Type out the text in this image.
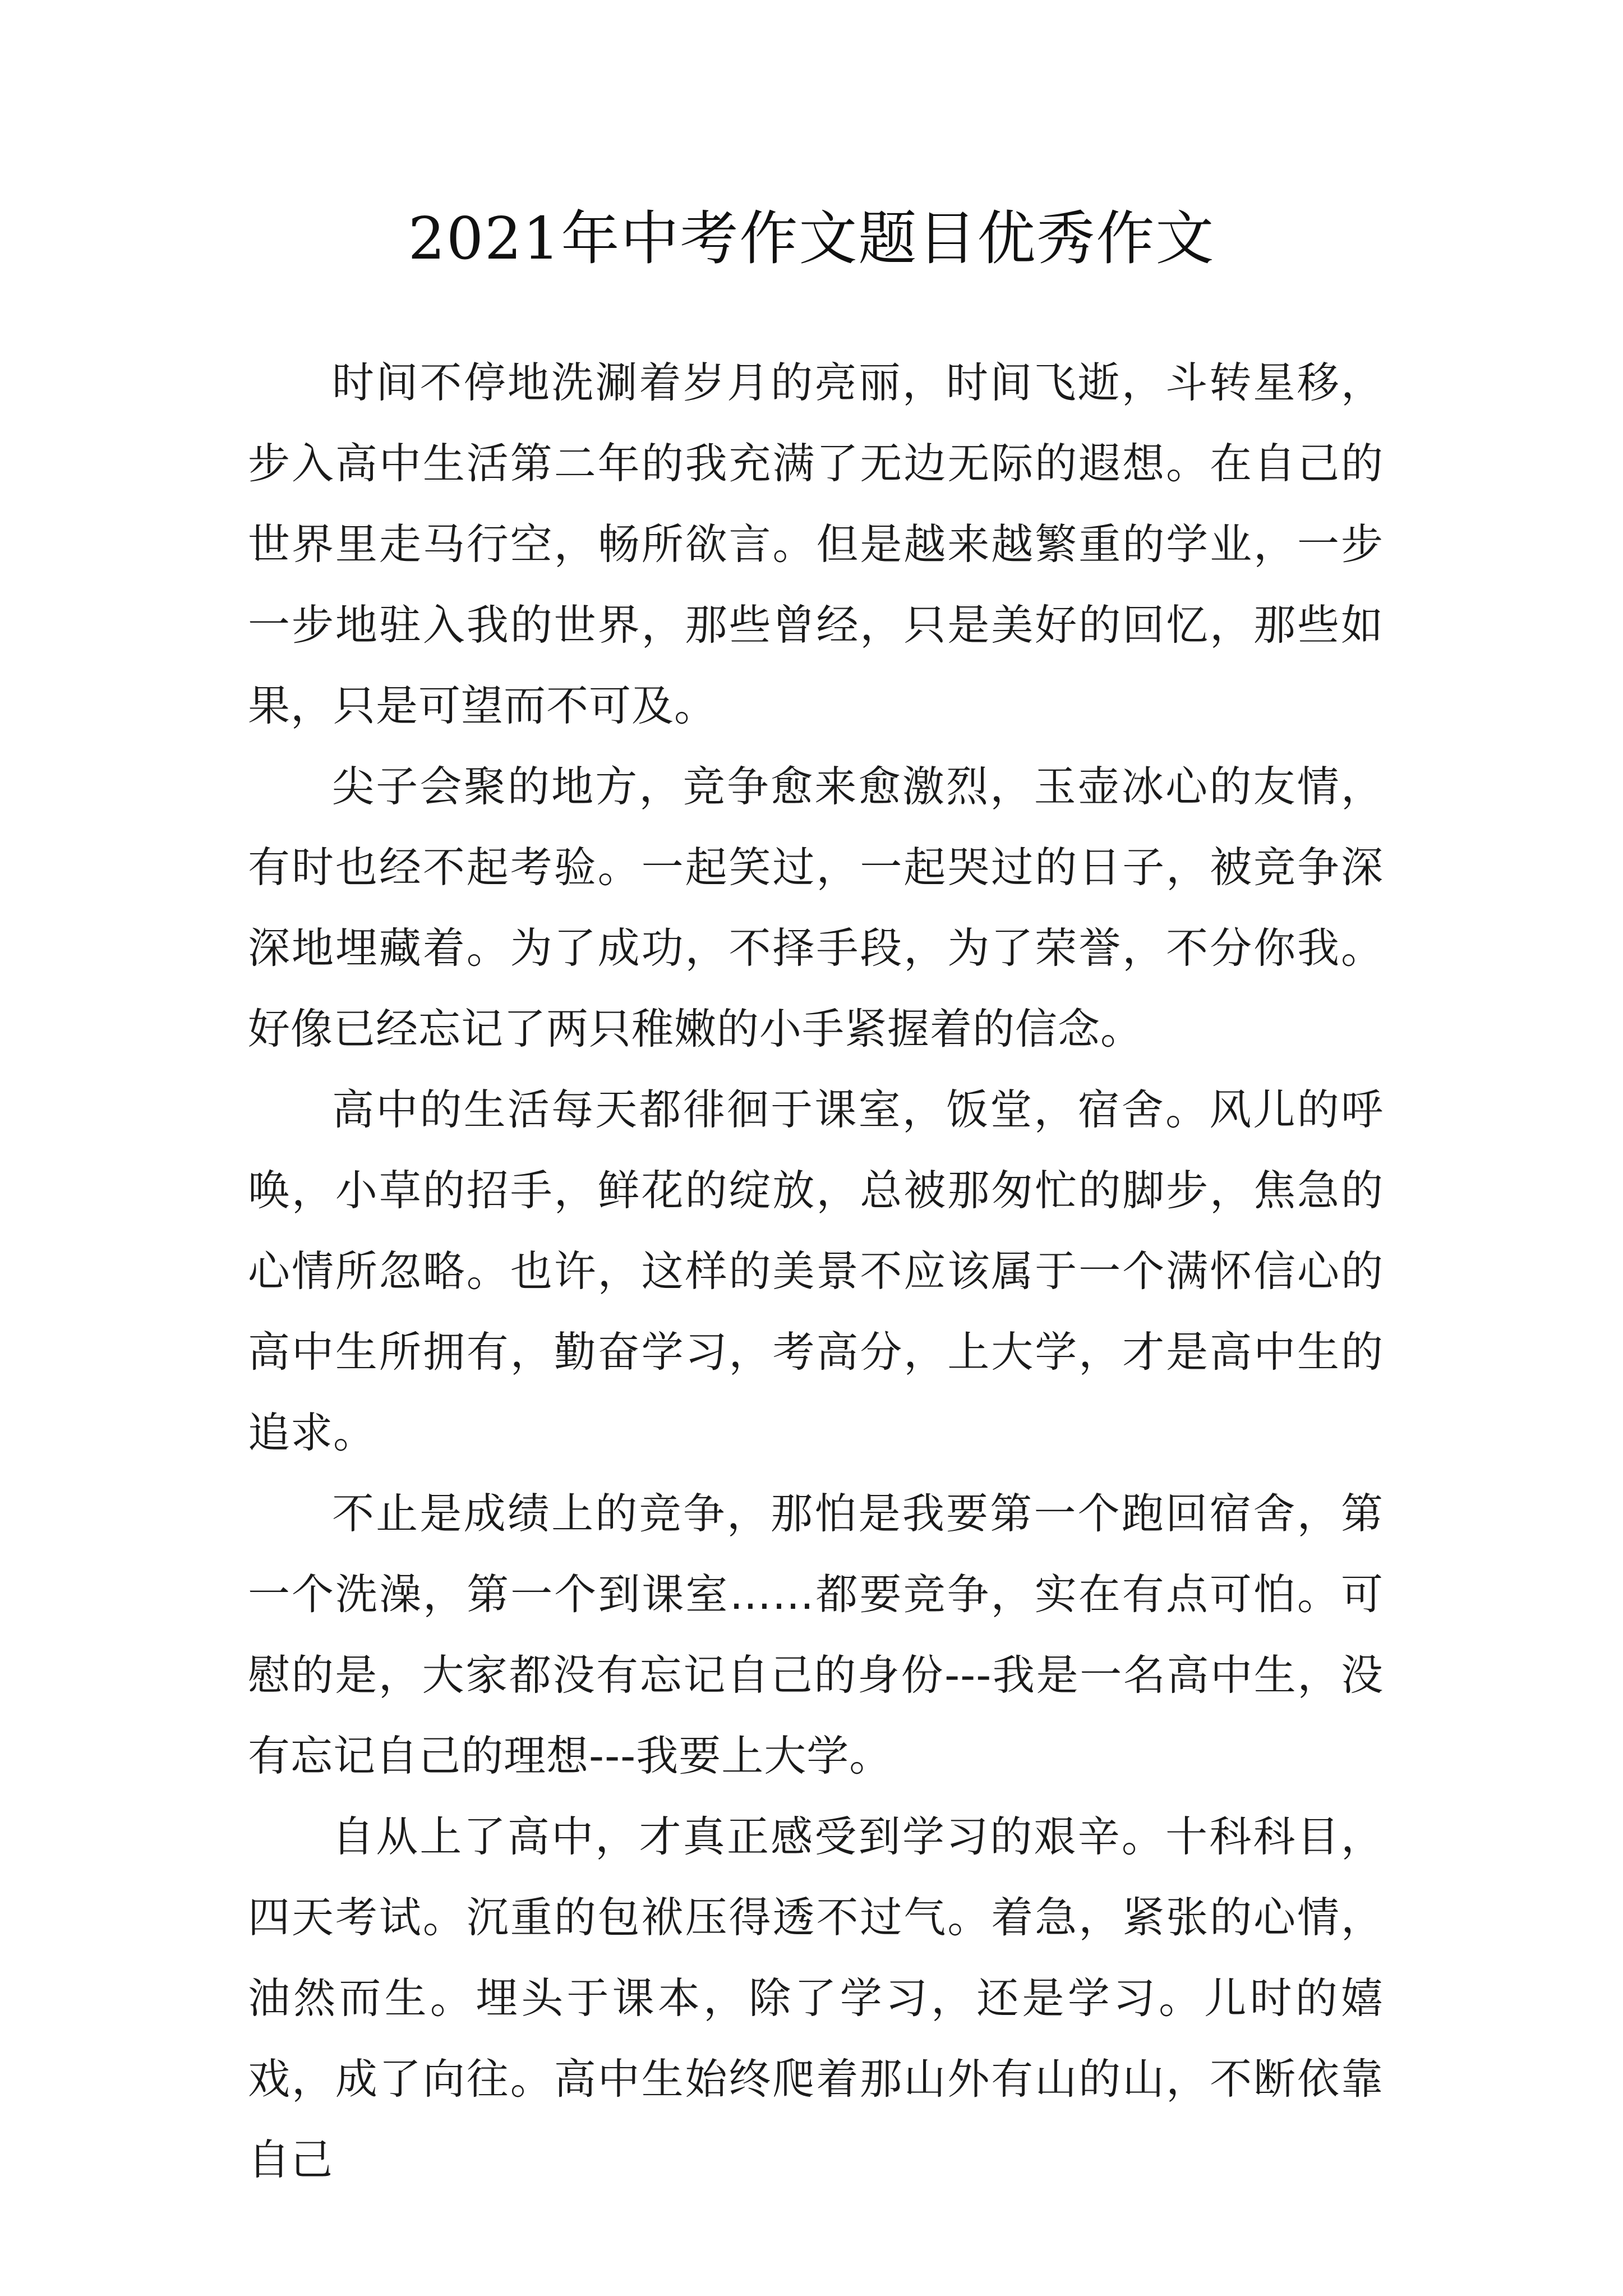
2021年中考作文题目优秀作文

时间不停地洗涮着岁月的亮丽，时间飞逝，斗转星移，步入高中生活第二年的我充满了无边无际的遐想。在自己的世界里走马行空，畅所欲言。但是越来越繁重的学业，一步一步地驻入我的世界，那些曾经，只是美好的回忆，那些如果，只是可望而不可及。

尖子会聚的地方，竞争愈来愈激烈，玉壶冰心的友情，有时也经不起考验。一起笑过，一起哭过的日子，被竞争深深地埋藏着。为了成功，不择手段，为了荣誉，不分你我。好像已经忘记了两只稚嫩的小手紧握着的信念。

高中的生活每天都徘徊于课室，饭堂，宿舍。风儿的呼唤，小草的招手，鲜花的绽放，总被那匆忙的脚步，焦急的心情所忽略。也许，这样的美景不应该属于一个满怀信心的高中生所拥有，勤奋学习，考高分，上大学，才是高中生的追求。

不止是成绩上的竞争，那怕是我要第一个跑回宿舍，第一个洗澡，第一个到课室……都要竞争，实在有点可怕。可慰的是，大家都没有忘记自己的身份---我是一名高中生，没有忘记自己的理想---我要上大学。

自从上了高中，才真正感受到学习的艰辛。十科科目，四天考试。沉重的包袱压得透不过气。着急，紧张的心情，油然而生。埋头于课本，除了学习，还是学习。儿时的嬉戏，成了向往。高中生始终爬着那山外有山的山，不断依靠自己
